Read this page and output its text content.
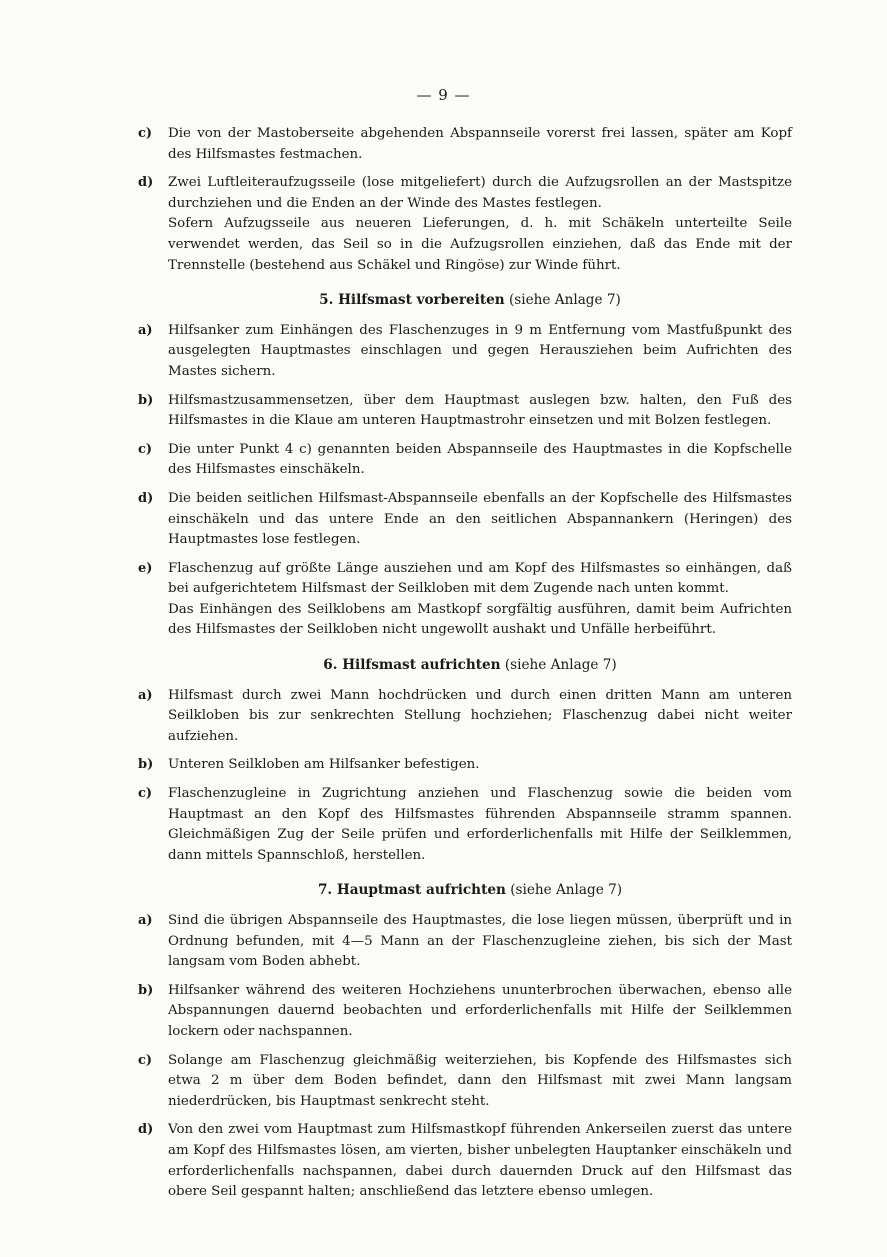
— 9 —
c)	Die von der Mastoberseite abgehenden Abspannseile vorerst frei lassen, später am Kopf des Hilfsmastes festmachen.

d)	Zwei Luftleiteraufzugsseile (lose mitgeliefert) durch die Aufzugsrollen an der Mastspitze durchziehen und die Enden an der Winde des Mastes festlegen.

Sofern Aufzugsseile aus neueren Lieferungen, d. h. mit Schäkeln unterteilte Seile verwendet werden, das Seil so in die Aufzugsrollen einziehen, daß das Ende mit der Trennstelle (bestehend aus Schäkel und Ringöse) zur Winde führt.

5. Hilfsmast vorbereiten (siehe Anlage 7)
a)	Hilfsanker zum Einhängen des Flaschenzuges in 9 m Entfernung vom Mastfußpunkt des ausgelegten Hauptmastes einschlagen und gegen Herausziehen beim Aufrichten des Mastes sichern.

b)	Hilfsmastzusammensetzen, über dem Hauptmast auslegen bzw. halten, den Fuß des Hilfsmastes in die Klaue am unteren Hauptmastrohr einsetzen und mit Bolzen festlegen.

c)	Die unter Punkt 4 c) genannten beiden Abspannseile des Hauptmastes in die Kopfschelle des Hilfsmastes einschäkeln.

d)	Die beiden seitlichen Hilfsmast-Abspannseile ebenfalls an der Kopfschelle des Hilfsmastes einschäkeln und das untere Ende an den seitlichen Abspannankern (Heringen) des Hauptmastes lose festlegen.

e)	Flaschenzug auf größte Länge ausziehen und am Kopf des Hilfsmastes so einhängen, daß bei aufgerichtetem Hilfsmast der Seilkloben mit dem Zugende nach unten kommt.

Das Einhängen des Seilklobens am Mastkopf sorgfältig ausführen, damit beim Aufrichten des Hilfsmastes der Seilkloben nicht ungewollt aushakt und Unfälle herbeiführt.

6. Hilfsmast aufrichten (siehe Anlage 7)
a)	Hilfsmast durch zwei Mann hochdrücken und durch einen dritten Mann am unteren Seilkloben bis zur senkrechten Stellung hochziehen; Flaschenzug dabei nicht weiter aufziehen.

b)	Unteren Seilkloben am Hilfsanker befestigen.

c)	Flaschenzugleine in Zugrichtung anziehen und Flaschenzug sowie die beiden vom Hauptmast an den Kopf des Hilfsmastes führenden Abspannseile stramm spannen. Gleichmäßigen Zug der Seile prüfen und erforderlichenfalls mit Hilfe der Seilklemmen, dann mittels Spannschloß, herstellen.

7. Hauptmast aufrichten (siehe Anlage 7)
a)	Sind die übrigen Abspannseile des Hauptmastes, die lose liegen müssen, überprüft und in Ordnung befunden, mit 4—5 Mann an der Flaschenzugleine ziehen, bis sich der Mast langsam vom Boden abhebt.

b)	Hilfsanker während des weiteren Hochziehens ununterbrochen überwachen, ebenso alle Abspannungen dauernd beobachten und erforderlichenfalls mit Hilfe der Seilklemmen lockern oder nachspannen.

c)	Solange am Flaschenzug gleichmäßig weiterziehen, bis Kopfende des Hilfsmastes sich etwa 2 m über dem Boden befindet, dann den Hilfsmast mit zwei Mann langsam niederdrücken, bis Hauptmast senkrecht steht.

d)	Von den zwei vom Hauptmast zum Hilfsmastkopf führenden Ankerseilen zuerst das untere am Kopf des Hilfsmastes lösen, am vierten, bisher unbelegten Hauptanker einschäkeln und erforderlichenfalls nachspannen, dabei durch dauernden Druck auf den Hilfsmast das obere Seil gespannt halten; anschließend das letztere ebenso umlegen.
